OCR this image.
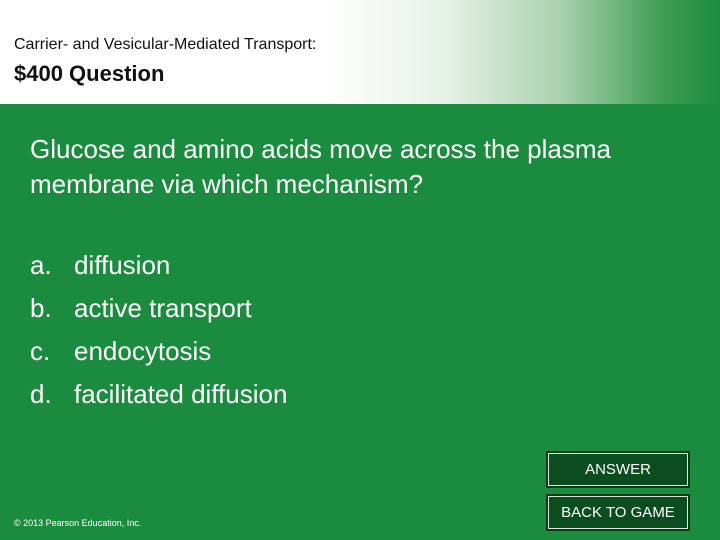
Carrier- and Vesicular-Mediated Transport:
$400 Question
Glucose and amino acids move across the plasma membrane via which mechanism?
a. diffusion
b. active transport
c. endocytosis
d. facilitated diffusion
ANSWER
BACK TO GAME
© 2013 Pearson Education, Inc.
